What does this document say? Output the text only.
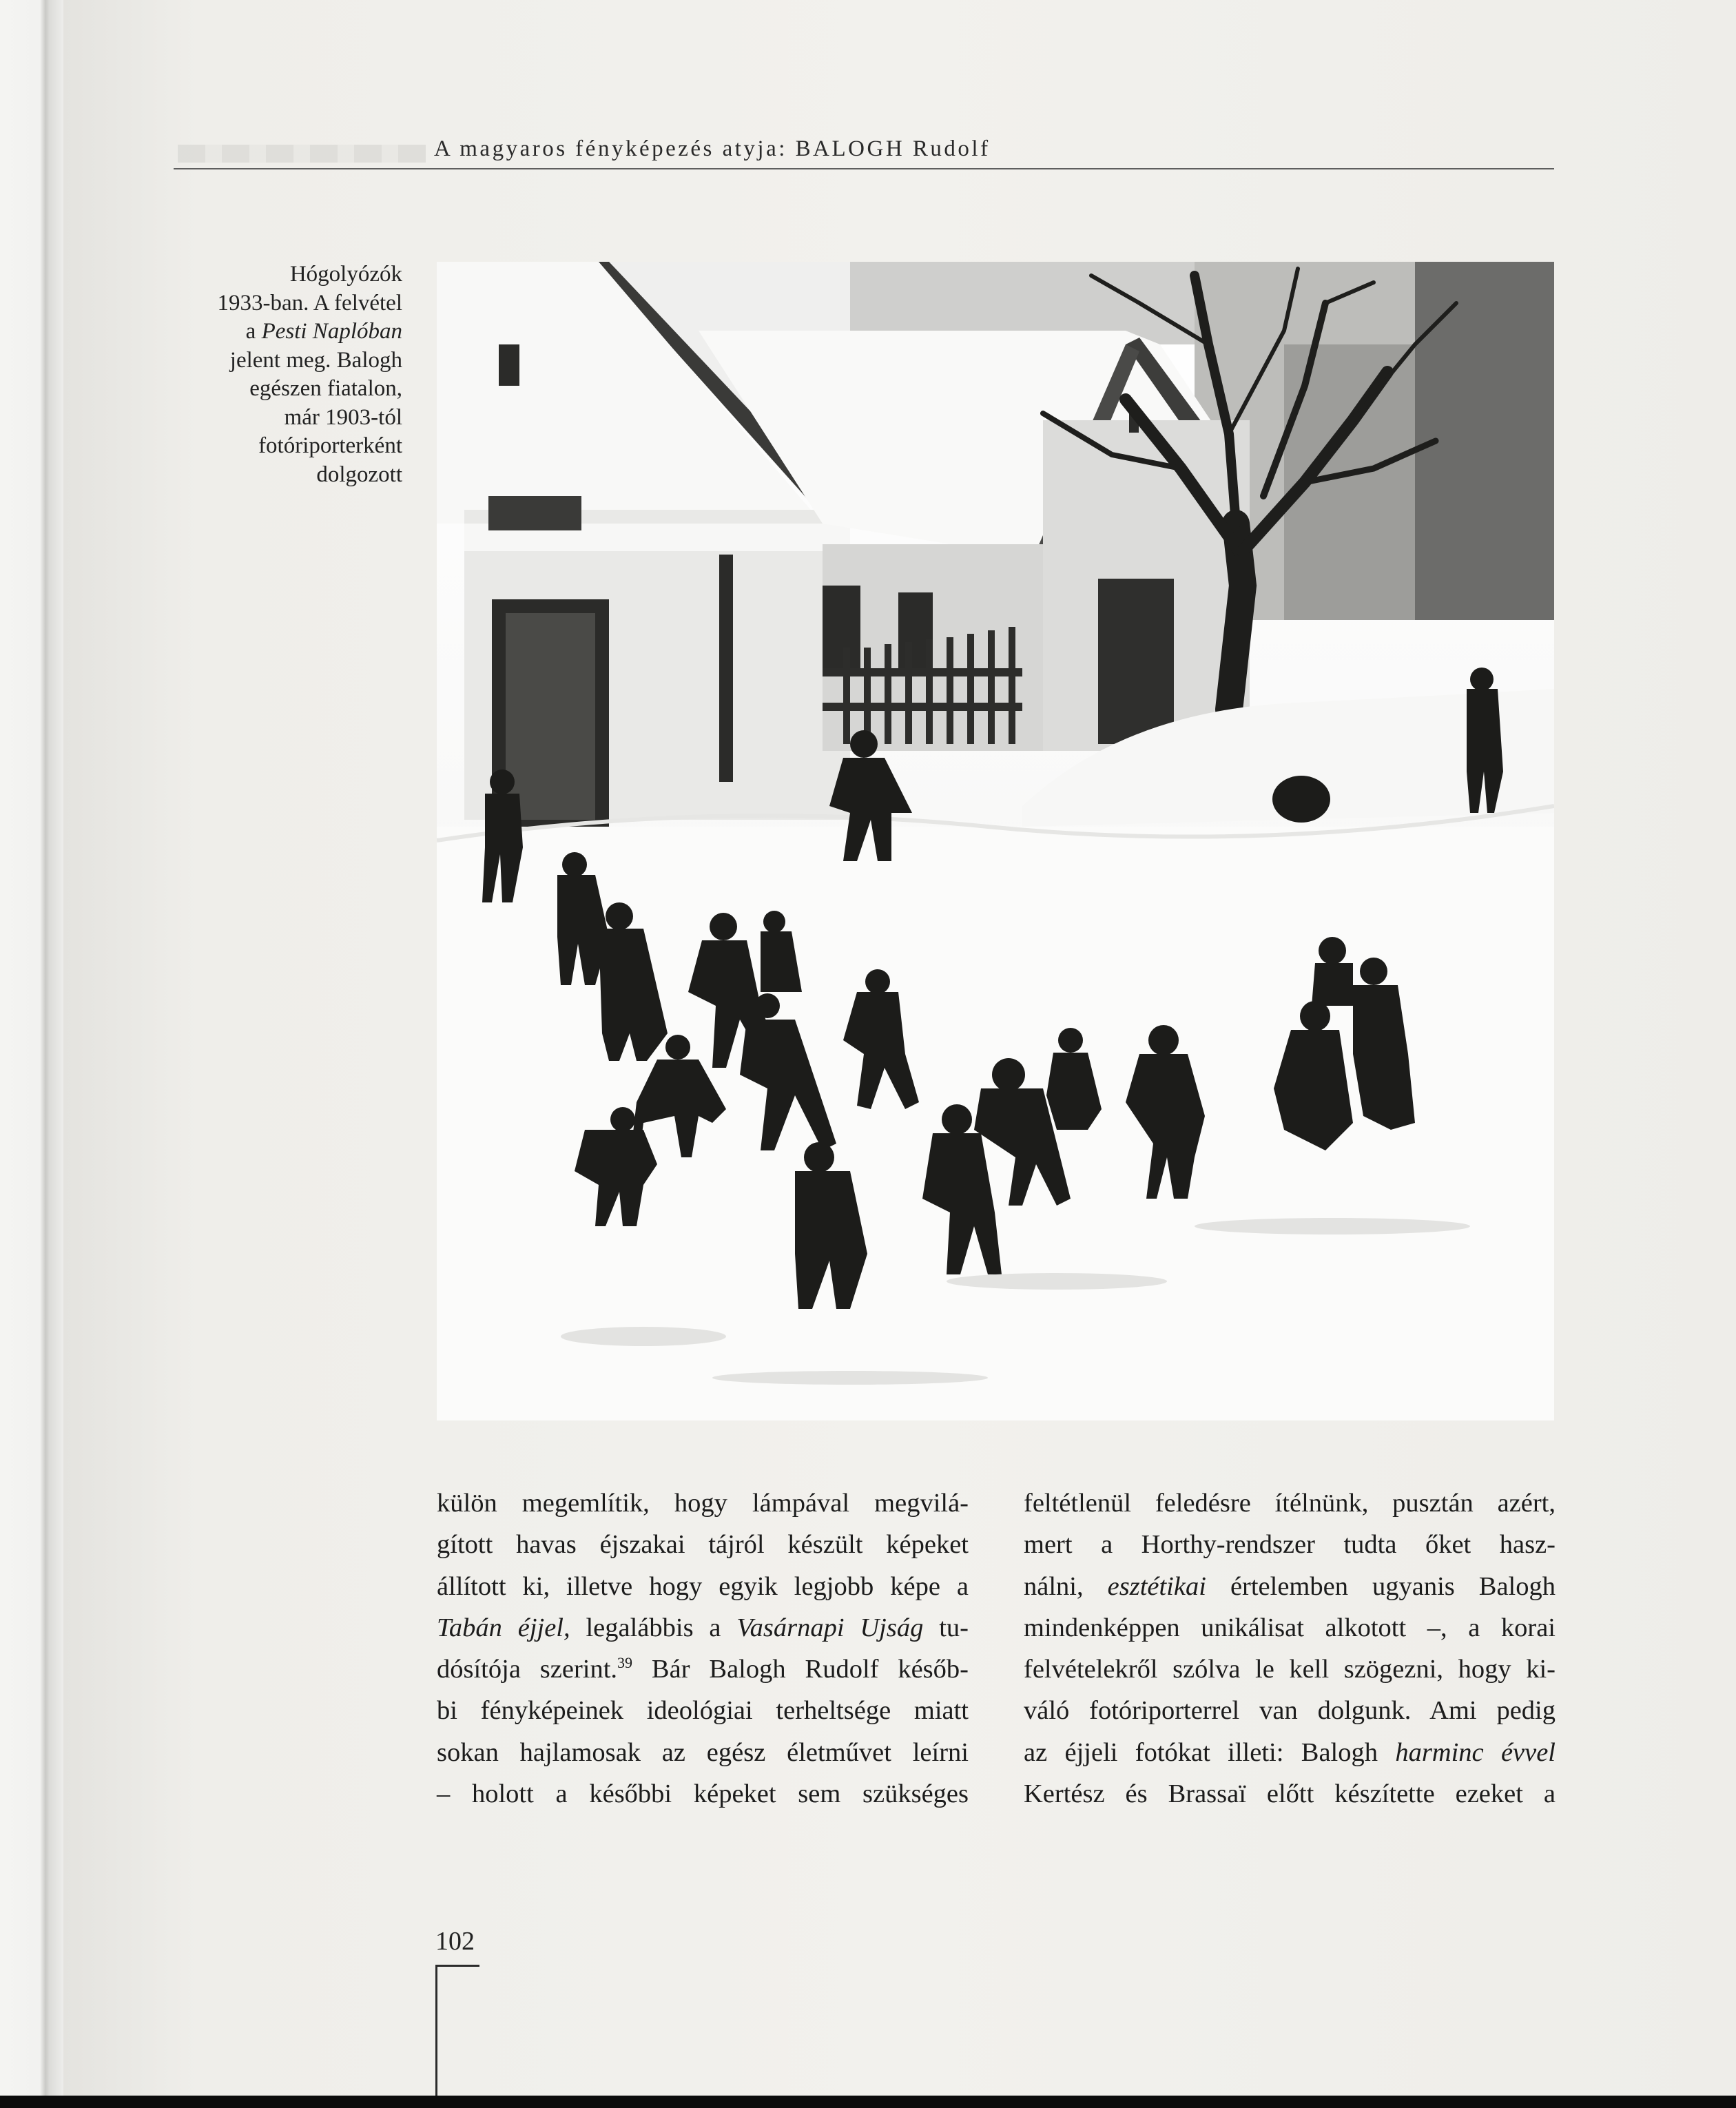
A magyaros fényképezés atyja: BALOGH Rudolf
Hógolyózók
1933-ban. A felvétel
a Pesti Naplóban
jelent meg. Balogh
egészen fiatalon,
már 1903-tól
fotóriporterként
dolgozott
külön megemlítik, hogy lámpával megvilá-
gított havas éjszakai tájról készült képeket
állított ki, illetve hogy egyik legjobb képe a
Tabán éjjel, legalábbis a Vasárnapi Ujság tu-
dósítója szerint.$^{39}$ Bár Balogh Rudolf későb-
bi fényképeinek ideológiai terheltsége miatt
sokan hajlamosak az egész életművet leírni
– holott a későbbi képeket sem szükséges
feltétlenül feledésre ítélnünk, pusztán azért,
mert a Horthy-rendszer tudta őket hasz-
nálni, esztétikai értelemben ugyanis Balogh
mindenképpen unikálisat alkotott –, a korai
felvételekről szólva le kell szögezni, hogy ki-
váló fotóriporterrel van dolgunk. Ami pedig
az éjjeli fotókat illeti: Balogh harminc évvel
Kertész és Brassaï előtt készítette ezeket a
102
